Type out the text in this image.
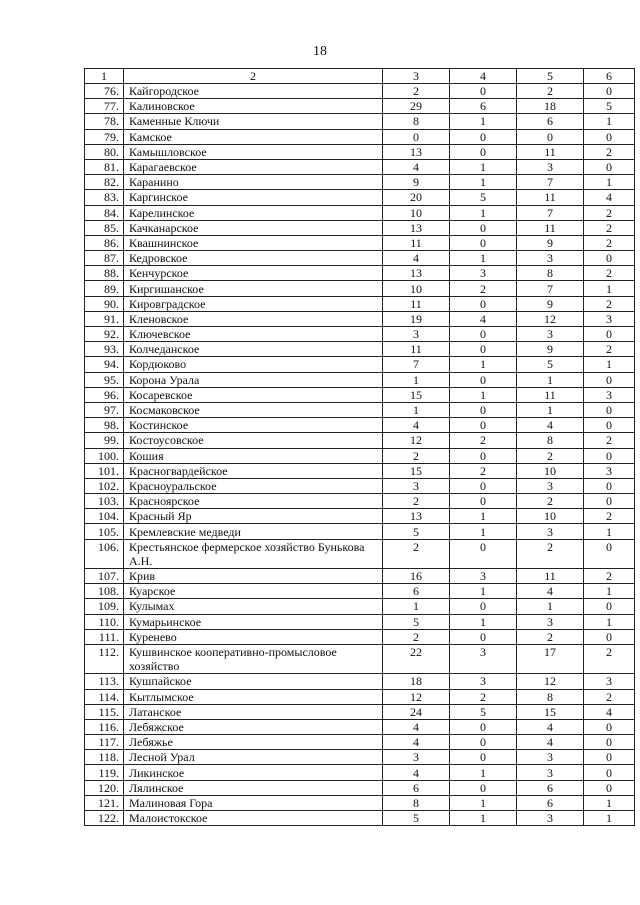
18
1	2	3	4	5	6
76.	Кайгородское	2	0	2	0
77.	Калиновское	29	6	18	5
78.	Каменные Ключи	8	1	6	1
79.	Камское	0	0	0	0
80.	Камышловское	13	0	11	2
81.	Карагаевское	4	1	3	0
82.	Каранино	9	1	7	1
83.	Каргинское	20	5	11	4
84.	Карелинское	10	1	7	2
85.	Качканарское	13	0	11	2
86.	Квашнинское	11	0	9	2
87.	Кедровское	4	1	3	0
88.	Кенчурское	13	3	8	2
89.	Киргишанское	10	2	7	1
90.	Кировградское	11	0	9	2
91.	Кленовское	19	4	12	3
92.	Ключевское	3	0	3	0
93.	Колчеданское	11	0	9	2
94.	Кордюково	7	1	5	1
95.	Корона Урала	1	0	1	0
96.	Косаревское	15	1	11	3
97.	Космаковское	1	0	1	0
98.	Костинское	4	0	4	0
99.	Костоусовское	12	2	8	2
100.	Кошия	2	0	2	0
101.	Красногвардейское	15	2	10	3
102.	Красноуральское	3	0	3	0
103.	Красноярское	2	0	2	0
104.	Красный Яр	13	1	10	2
105.	Кремлевские медведи	5	1	3	1
106.	Крестьянское фермерское хозяйство Бунькова А.Н.	2	0	2	0
107.	Крив	16	3	11	2
108.	Куарское	6	1	4	1
109.	Кулымах	1	0	1	0
110.	Кумарьинское	5	1	3	1
111.	Куренево	2	0	2	0
112.	Кушвинское кооперативно-промысловое хозяйство	22	3	17	2
113.	Кушпайское	18	3	12	3
114.	Кытлымское	12	2	8	2
115.	Латанское	24	5	15	4
116.	Лебяжское	4	0	4	0
117.	Лебяжье	4	0	4	0
118.	Лесной Урал	3	0	3	0
119.	Ликинское	4	1	3	0
120.	Лялинское	6	0	6	0
121.	Малиновая Гора	8	1	6	1
122.	Малоистокское	5	1	3	1
